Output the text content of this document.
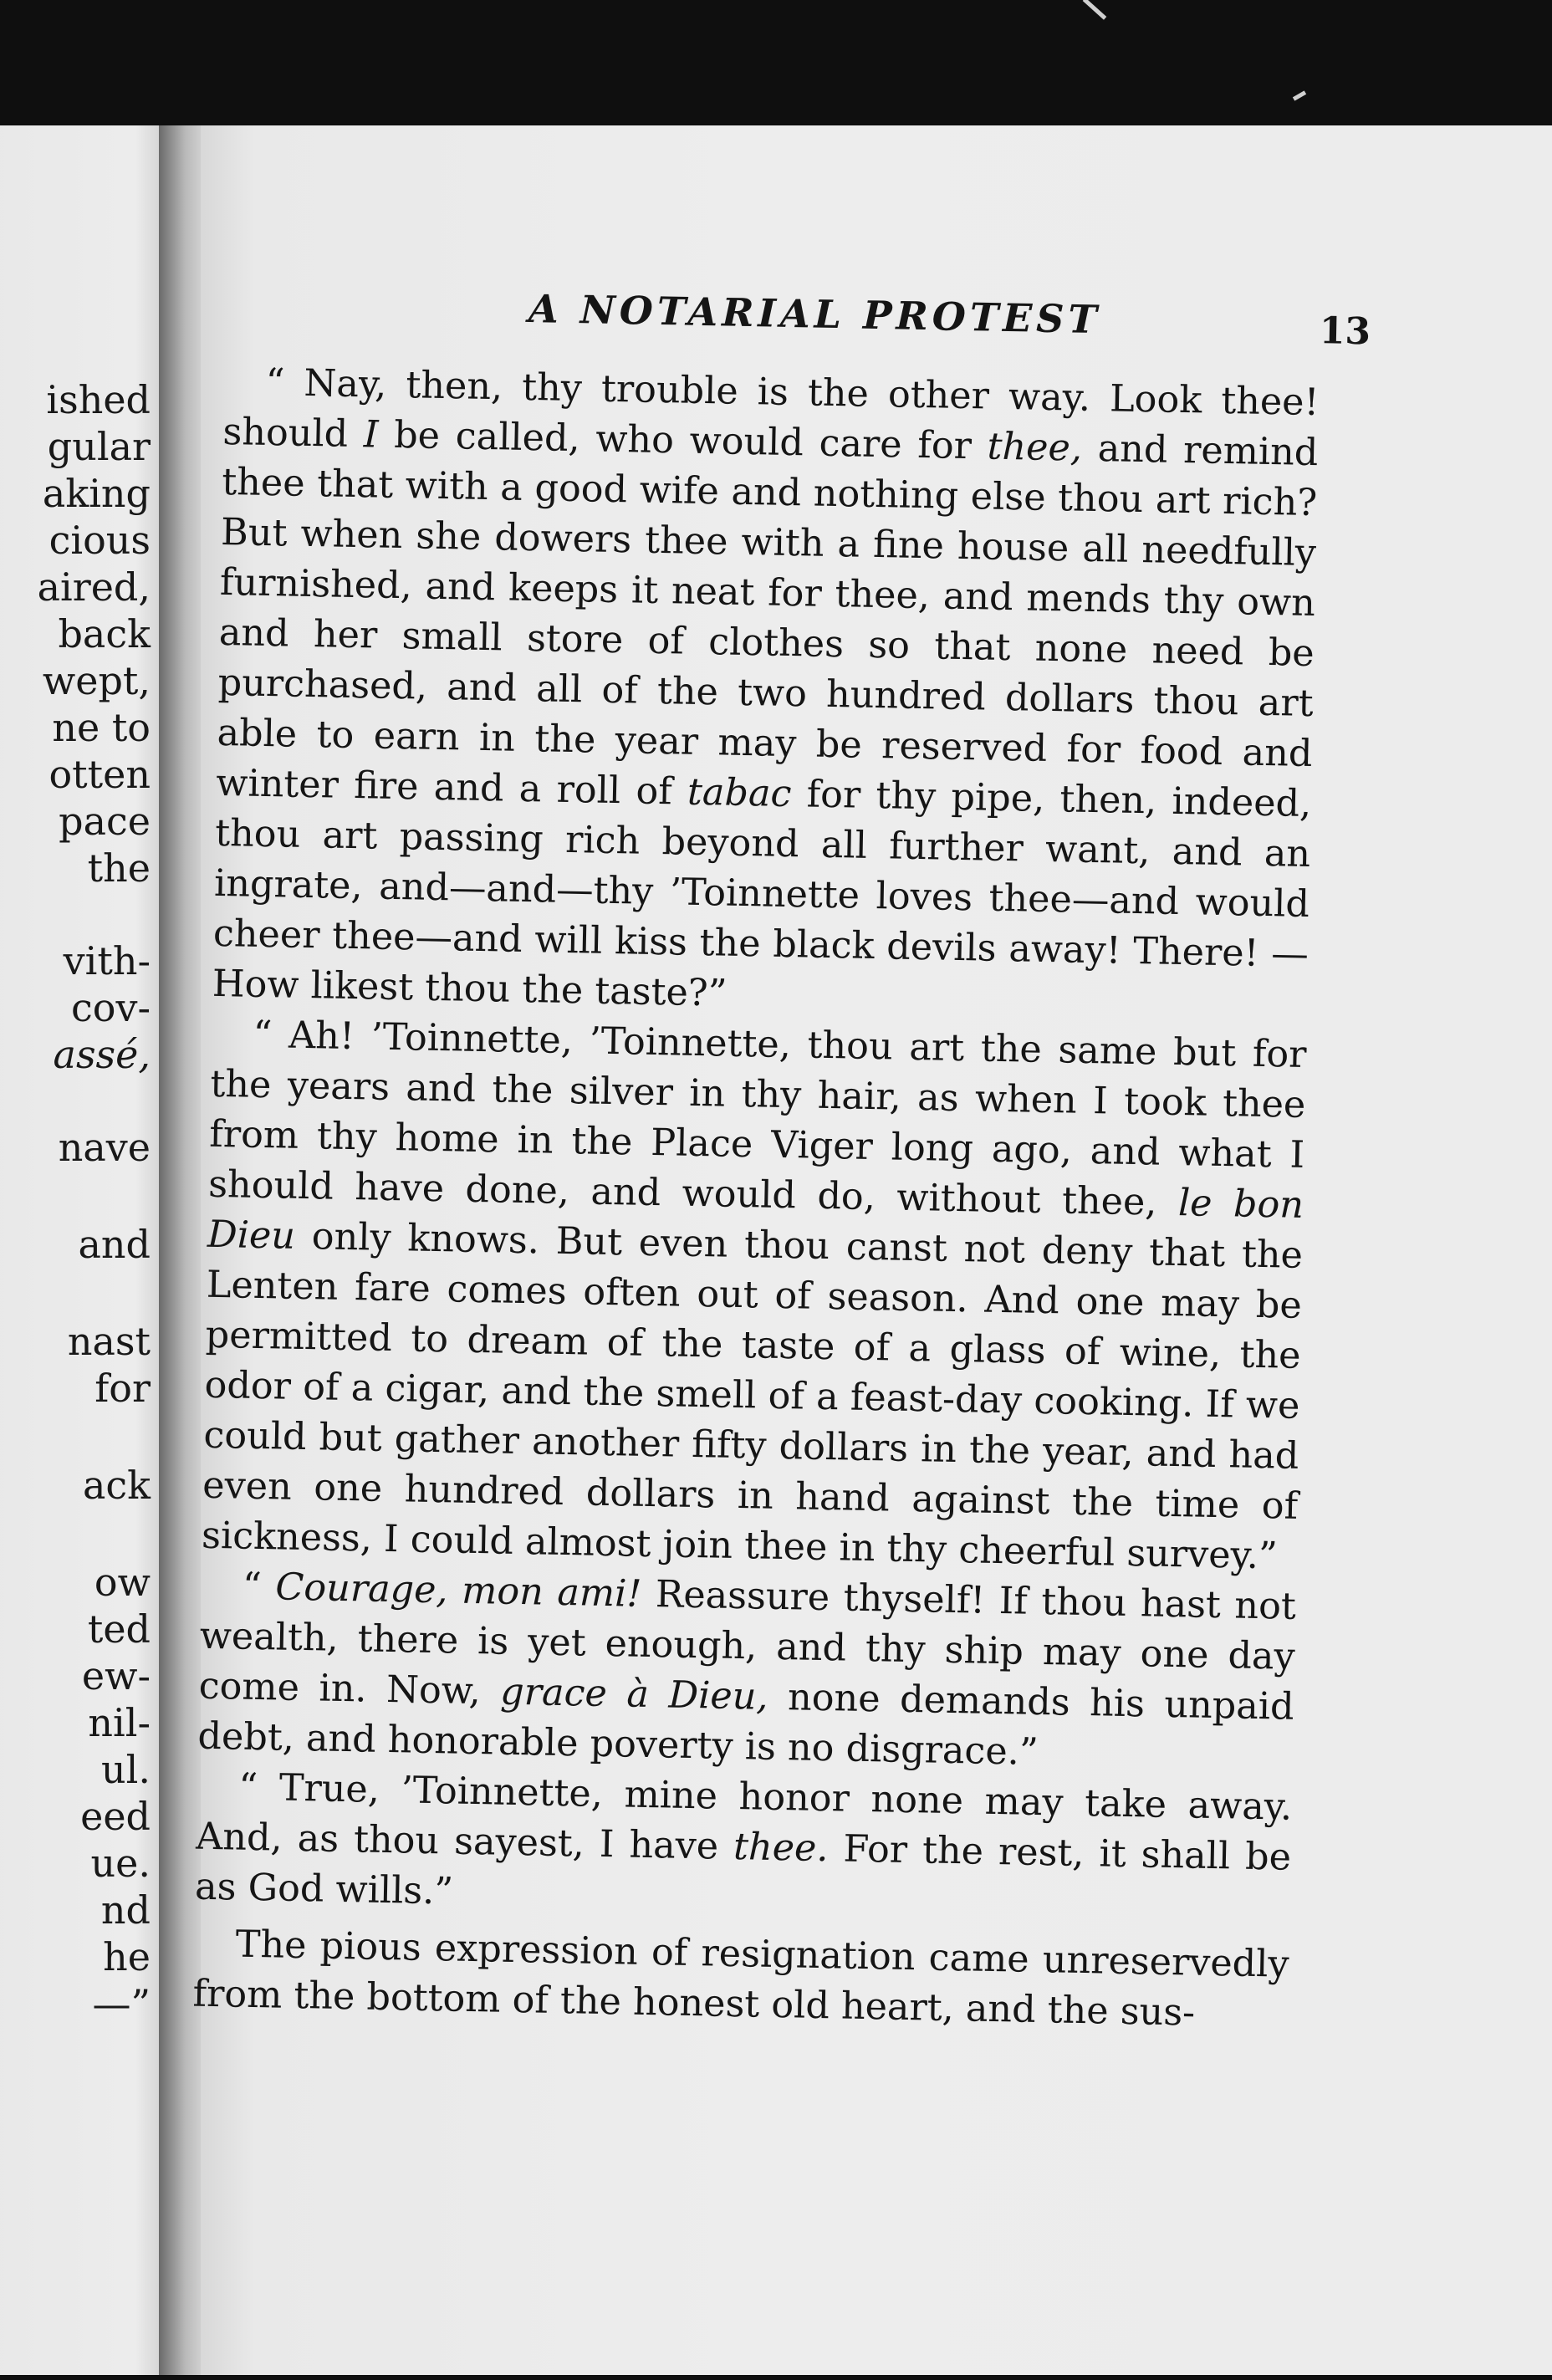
ished
gular
aking
cious
aired,
back
wept,
ne to
otten
pace
the
vith-
cov-
assé,
nave
and
nast
for
ack
ow
ted
ew-
nil-
ul.
eed
ue.
nd
he
—”
A NOTARIAL PROTEST	13

“ Nay, then, thy trouble is the other way. Look thee! should I be called, who would care for thee, and remind thee that with a good wife and nothing else thou art rich? But when she dowers thee with a fine house all needfully furnished, and keeps it neat for thee, and mends thy own and her small store of clothes so that none need be purchased, and all of the two hundred dollars thou art able to earn in the year may be reserved for food and winter fire and a roll of tabac for thy pipe, then, indeed, thou art passing rich beyond all further want, and an ingrate, and—and—thy ’Toinnette loves thee—and would cheer thee—and will kiss the black devils away! There! —How likest thou the taste?”

“ Ah! ’Toinnette, ’Toinnette, thou art the same but for the years and the silver in thy hair, as when I took thee from thy home in the Place Viger long ago, and what I should have done, and would do, without thee, le bon Dieu only knows. But even thou canst not deny that the Lenten fare comes often out of season. And one may be permitted to dream of the taste of a glass of wine, the odor of a cigar, and the smell of a feast-day cooking. If we could but gather another fifty dollars in the year, and had even one hundred dollars in hand against the time of sickness, I could almost join thee in thy cheerful survey.”

“ Courage, mon ami! Reassure thyself! If thou hast not wealth, there is yet enough, and thy ship may one day come in. Now, grace à Dieu, none demands his unpaid debt, and honorable poverty is no disgrace.”

“ True, ’Toinnette, mine honor none may take away. And, as thou sayest, I have thee. For the rest, it shall be as God wills.”

The pious expression of resignation came unreservedly from the bottom of the honest old heart, and the sus-
